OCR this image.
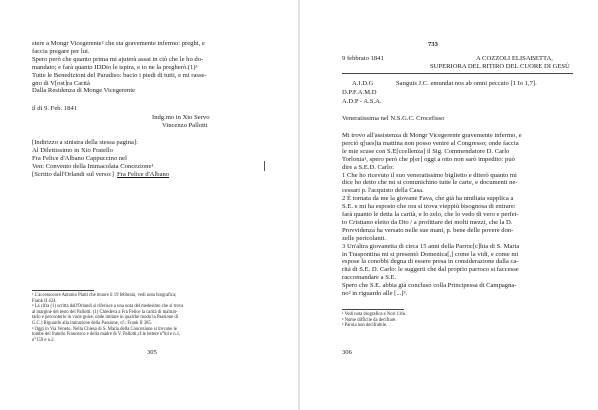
stere a Mongr Vicegerente² che sta gravemente infermo: preghi, e
faccia pregare per lui.
Spero però che quanto prima mi ajuterà assai in ciò che le ho do-
mandato; e farà quanto IDDio le ispira, e io ne la pregherò.(1)³
Tutte le Benedizioni del Paradiso: bacio i piedi di tutti, e mi rasse-
gno di V[ost]ra Carità
Dalla Residenza di Monge Vicegerente
il di 9. Feb. 1841
Indg.mo in Xto Servo
Vincenzo Pallotti
[Indirizzo a sinistra della stessa pagina]:
Al Dilettissimo in Xto Fratello
Fra Felice d'Albano Cappuccino nel
Ven: Convento della Immacolata Concezione¹
[Scritto dall'Orlandi sul verso:] Fra Felice d'Albano
¹ L'accessocore Antonio Piatti che muore il 19 febbraio, vedi nota biografica;
Frank II 424.
² La cifra (1) scritta dall'Orlandi si riferisce a una nota del medesimo che si trova
al margine del testo del Pallotti: (1) Chiedeva a Fra Felice la carità di maltrat-
tarlo e percuoterlo in varie guise, onde imitare in qualche modo la Passione di
G.C.) Riguardo alla imitazione della Passione, cf.: Frank II 385.
³ Oggi in Via Veneto. Nella Chiesa di S. Maria della Concezione si trovano le
tombe del fratello Francesco e della madre di V. Pallotti,cf.le lettere n°84 e n.1,
n°159 e n.2.
305
733
9 febbraio 1841	A COZZOLI ELISABETTA,
SUPERIORA DEL RITIRO DEL CUORE DI GESÙ
A.I.D.G	Sanguis J.C. emundat nos ab omni peccato [1 Io 1,7].
D.P.F.A.M.D
A.D.P - A.S.A.
Veneratissima nel N.S.G.C. Crocefisso
Mi trovo all'assistenza di Mongr Vicegerente gravemente infermo, e
perciò q[ues]ta mattina non posso venire al Congresso; onde faccia
le mie scuse con S.E[ccellenza] il Sig. Commendatore D. Carlo
Torlonia¹, spero però che p[er] oggi a otto non sarò impedito: può
dire a S.E.D. Carlo:
1 Che ho ricevuto il suo veneratissimo biglietto e diterò quanto mi
dice ho detto che mi si comunichino tutte le carte, e documenti ne-
cessari p. l'acquisto della Casa.
2 È tornata da me la giovane Fava, che già ha umiliata supplica a
S.E. e mi ha esposto che ora si trova vieppiù bisognosa di entrare:
farà quanto le detta la carità, e lo zelo, che lo vedo di vero e perfet-
to Cristiano eletto da Dio / a profittare dei molti mezzi, che la D.
Provvidenza ha versato nelle sue mani, p. bene delle povere don-
zelle pericolanti.
3 Un'altra giovanetta di circa 15 anni della Parroc[c]hia di S. Maria
in Traspontina mi si presentò Domenica[,] come la vidi, e come mi
espose la conobbi degna di essere presa in considerazione dalla ca-
rità di S.E. D. Carlo: le suggerii che dal proprio parroco si faccesse
raccomandare a S.E.
Spero che S.E. abbia già concluso colla Principessa di Campagna-
no² in riguardo alle [...]³.
¹ Vedi nota biografica e Nori 116s.
² Nome difficile da decifrare.
³ Parola non decifrabile.
306
